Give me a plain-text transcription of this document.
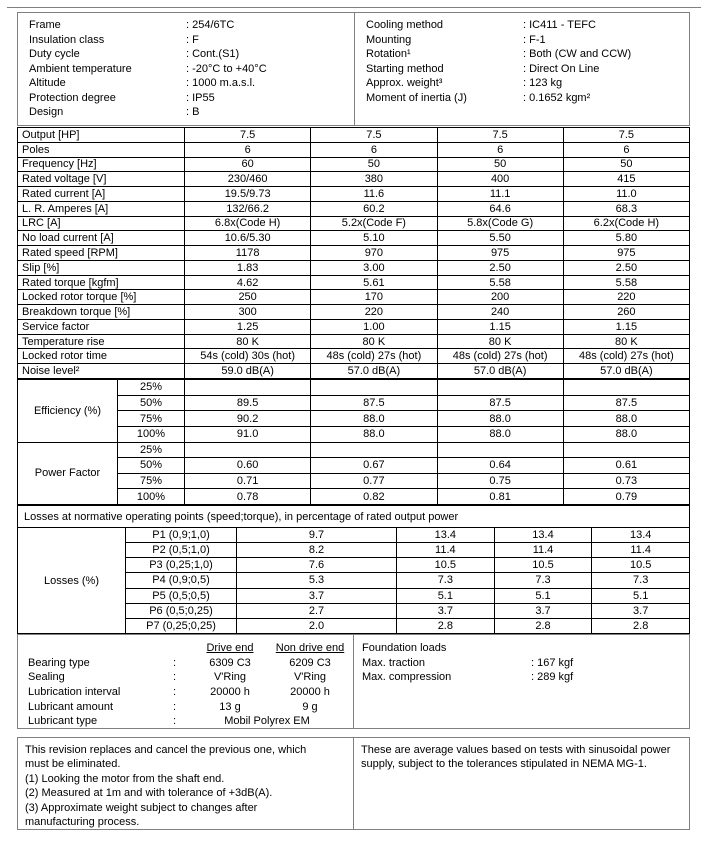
Frame	: 254/6TC
Insulation class	: F
Duty cycle	: Cont.(S1)
Ambient temperature	: -20°C to +40°C
Altitude	: 1000 m.a.s.l.
Protection degree	: IP55
Design	: B
Cooling method	: IC411 - TEFC
Mounting	: F-1
Rotation¹	: Both (CW and CCW)
Starting method	: Direct On Line
Approx. weight³	: 123 kg
Moment of inertia (J)	: 0.1652 kgm²
Output [HP]	7.5	7.5	7.5	7.5
Poles	6	6	6	6
Frequency [Hz]	60	50	50	50
Rated voltage [V]	230/460	380	400	415
Rated current [A]	19.5/9.73	11.6	11.1	11.0
L. R. Amperes [A]	132/66.2	60.2	64.6	68.3
LRC [A]	6.8x(Code H)	5.2x(Code F)	5.8x(Code G)	6.2x(Code H)
No load current [A]	10.6/5.30	5.10	5.50	5.80
Rated speed [RPM]	1178	970	975	975
Slip [%]	1.83	3.00	2.50	2.50
Rated torque [kgfm]	4.62	5.61	5.58	5.58
Locked rotor torque [%]	250	170	200	220
Breakdown torque [%]	300	220	240	260
Service factor	1.25	1.00	1.15	1.15
Temperature rise	80 K	80 K	80 K	80 K
Locked rotor time	54s (cold) 30s (hot)	48s (cold) 27s (hot)	48s (cold) 27s (hot)	48s (cold) 27s (hot)
Noise level²	59.0 dB(A)	57.0 dB(A)	57.0 dB(A)	57.0 dB(A)
Efficiency (%)
25%
50%	89.5	87.5	87.5	87.5
75%	90.2	88.0	88.0	88.0
100%	91.0	88.0	88.0	88.0
Power Factor
25%
50%	0.60	0.67	0.64	0.61
75%	0.71	0.77	0.75	0.73
100%	0.78	0.82	0.81	0.79
Losses at normative operating points (speed;torque), in percentage of rated output power
Losses (%)
P1 (0,9;1,0)	9.7	13.4	13.4	13.4
P2 (0,5;1,0)	8.2	11.4	11.4	11.4
P3 (0,25;1,0)	7.6	10.5	10.5	10.5
P4 (0,9;0,5)	5.3	7.3	7.3	7.3
P5 (0,5;0,5)	3.7	5.1	5.1	5.1
P6 (0,5;0,25)	2.7	3.7	3.7	3.7
P7 (0,25;0,25)	2.0	2.8	2.8	2.8
Drive end	Non drive end
Bearing type	:	6309 C3	6209 C3
Sealing	:	V'Ring	V'Ring
Lubrication interval	:	20000 h	20000 h
Lubricant amount	:	13 g	9 g
Lubricant type	:	Mobil Polyrex EM
Foundation loads
Max. traction	: 167 kgf
Max. compression	: 289 kgf
This revision replaces and cancel the previous one, which must be eliminated.
(1) Looking the motor from the shaft end.
(2) Measured at 1m and with tolerance of +3dB(A).
(3) Approximate weight subject to changes after manufacturing process.
These are average values based on tests with sinusoidal power supply, subject to the tolerances stipulated in NEMA MG-1.
